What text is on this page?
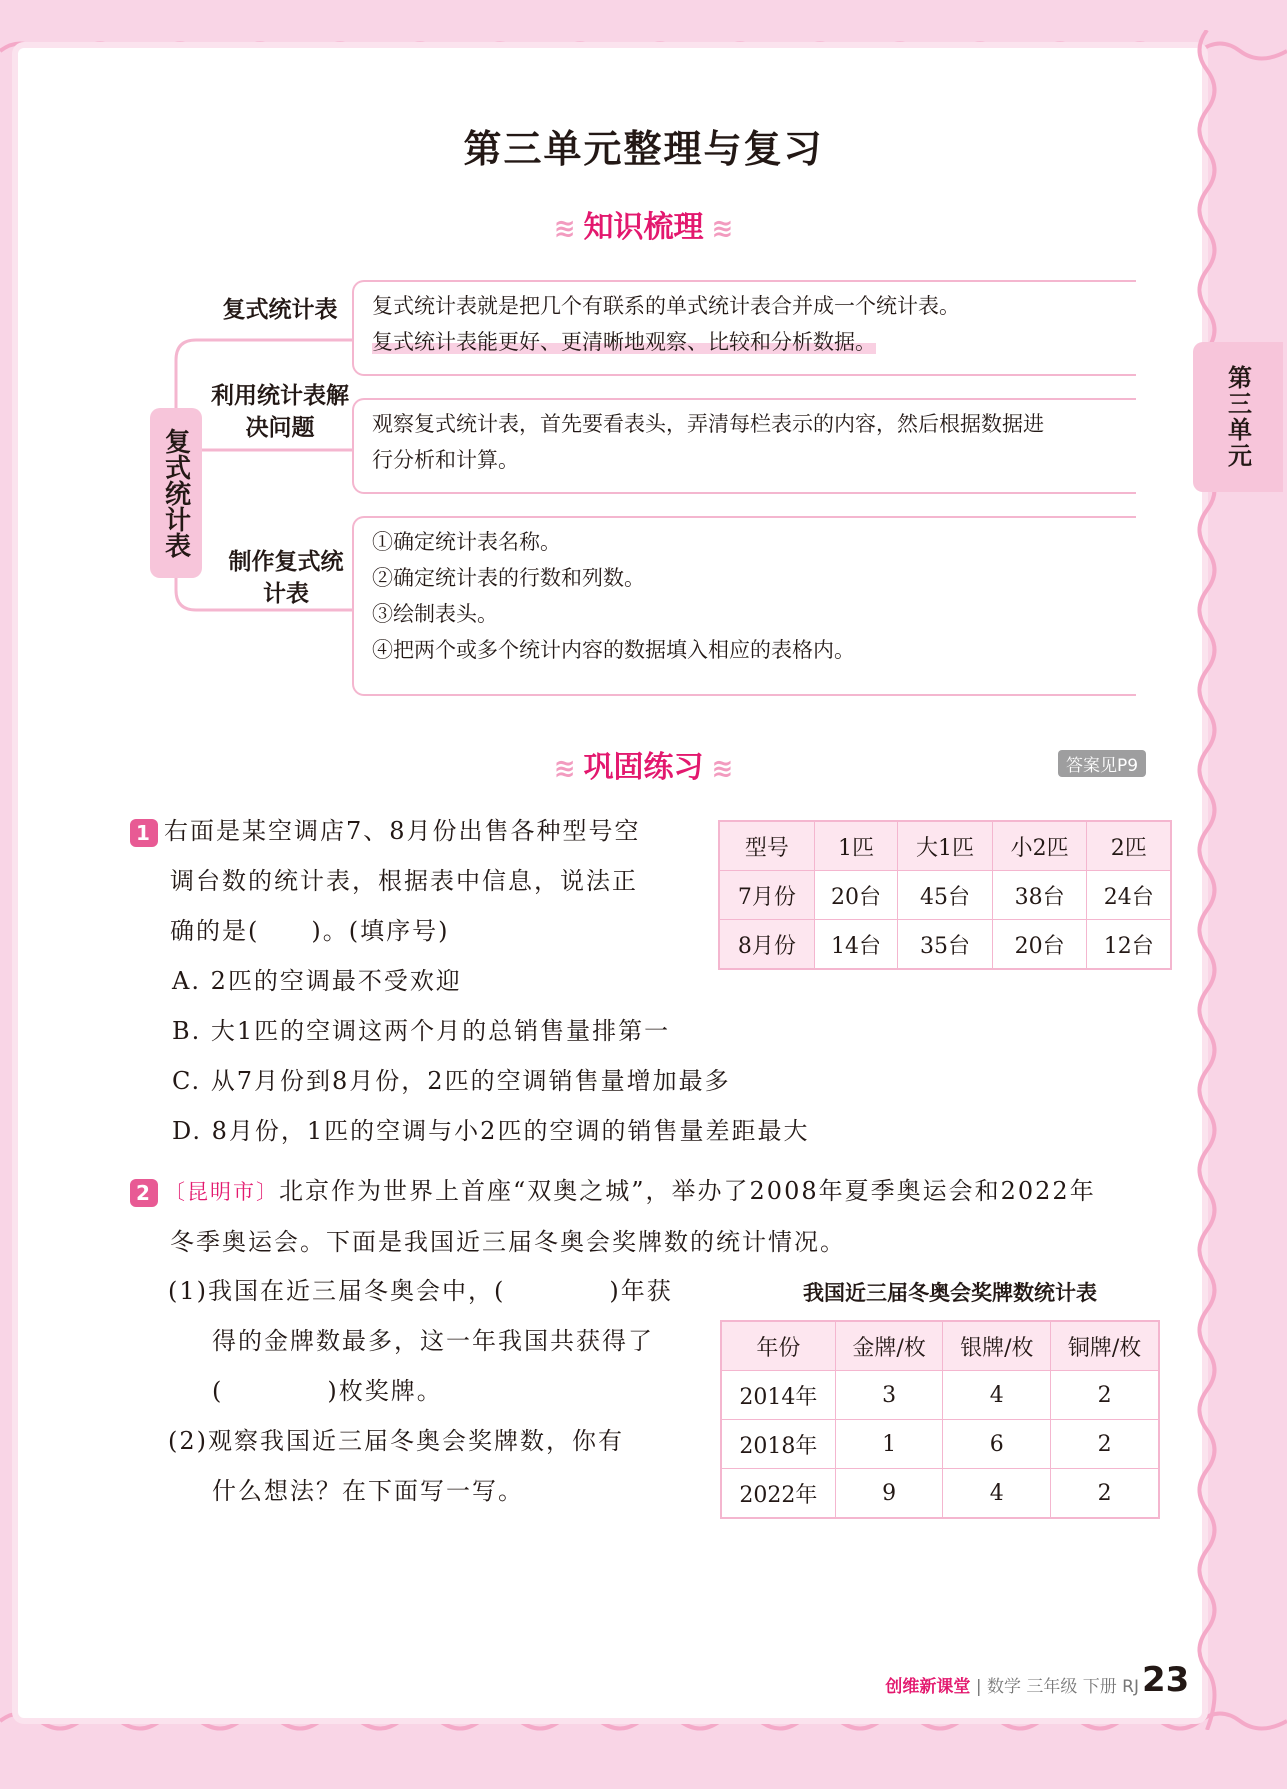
第三单元
第三单元整理与复习
≋ 知识梳理 ≋
复式统计表
复式统计表
利用统计表解决问题
制作复式统计表
复式统计表就是把几个有联系的单式统计表合并成一个统计表。
复式统计表能更好、更清晰地观察、比较和分析数据。
观察复式统计表，首先要看表头，弄清每栏表示的内容，然后根据数据进
行分析和计算。
①确定统计表名称。
②确定统计表的行数和列数。
③绘制表头。
④把两个或多个统计内容的数据填入相应的表格内。
≋ 巩固练习 ≋	答案见P9
1 右面是某空调店7、8月份出售各种型号空
调台数的统计表，根据表中信息，说法正
确的是(　　)。(填序号)
A. 2匹的空调最不受欢迎
B. 大1匹的空调这两个月的总销售量排第一
C. 从7月份到8月份，2匹的空调销售量增加最多
D. 8月份，1匹的空调与小2匹的空调的销售量差距最大
型号	1匹	大1匹	小2匹	2匹
7月份	20台	45台	38台	24台
8月份	14台	35台	20台	12台
2 〔昆明市〕北京作为世界上首座“双奥之城”，举办了2008年夏季奥运会和2022年
冬季奥运会。下面是我国近三届冬奥会奖牌数的统计情况。
(1)我国在近三届冬奥会中，(　　　　)年获
得的金牌数最多，这一年我国共获得了
(　　　　)枚奖牌。
(2)观察我国近三届冬奥会奖牌数，你有
什么想法？在下面写一写。
我国近三届冬奥会奖牌数统计表
年份	金牌/枚	银牌/枚	铜牌/枚
2014年	3	4	2
2018年	1	6	2
2022年	9	4	2
创维新课堂 | 数学 三年级 下册 RJ 23
